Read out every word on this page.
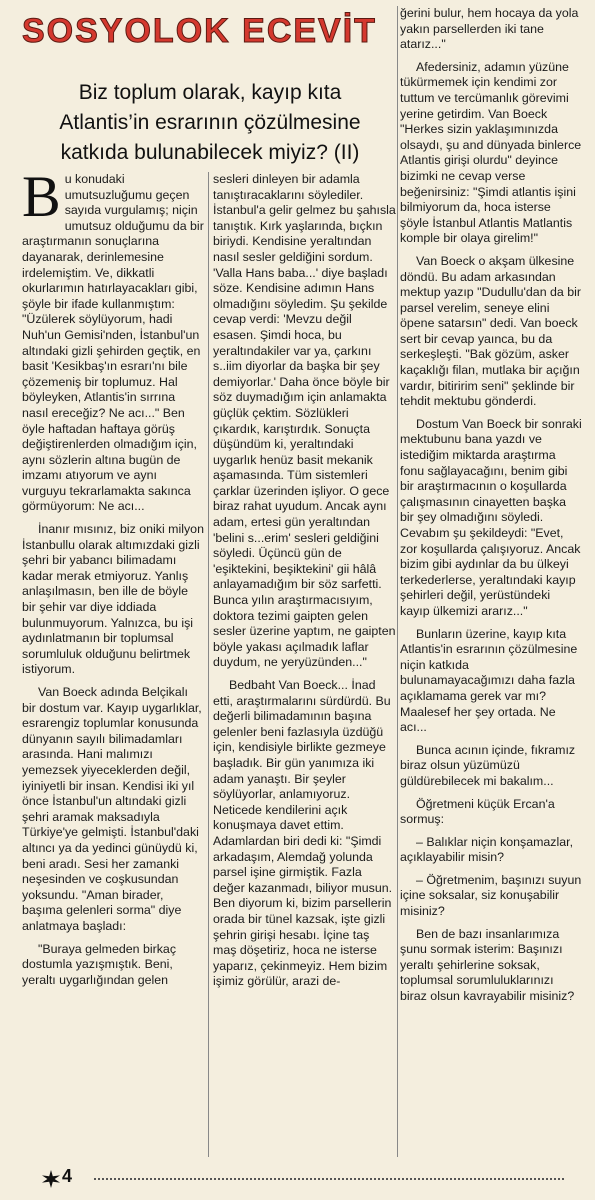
SOSYOLOK ECEVİT
Biz toplum olarak, kayıp kıta
Atlantis’in esrarının çözülmesine
katkıda bulunabilecek miyiz? (II)

Bu konudaki umutsuzluğumu geçen sayıda vurgulamış; niçin umutsuz olduğumu da bir araştırmanın sonuçlarına dayanarak, derinlemesine irdelemiştim. Ve, dikkatli okurlarımın hatırlayacakları gibi, şöyle bir ifade kullanmıştım: "Üzülerek söylüyorum, hadi Nuh'un Gemisi'nden, İstanbul'un altındaki gizli şehirden geçtik, en basit 'Kesikbaş'ın esrarı'nı bile çözemeniş bir toplumuz. Hal böyleyken, Atlantis'in sırrına nasıl ereceğiz? Ne acı..." Ben öyle haftadan haftaya görüş değiştirenlerden olmadığım için, aynı sözlerin altına bugün de imzamı atıyorum ve aynı vurguyu tekrarlamakta sakınca görmüyorum: Ne acı...

İnanır mısınız, biz oniki milyon İstanbullu olarak altımızdaki gizli şehri bir yabancı bilimadamı kadar merak etmiyoruz. Yanlış anlaşılmasın, ben ille de böyle bir şehir var diye iddiada bulunmuyorum. Yalnızca, bu işi aydınlatmanın bir toplumsal sorumluluk olduğunu belirtmek istiyorum.

Van Boeck adında Belçikalı bir dostum var. Kayıp uygarlıklar, esrarengiz toplumlar konusunda dünyanın sayılı bilimadamları arasında. Hani malımızı yemezsek yiyeceklerden değil, iyiniyetli bir insan. Kendisi iki yıl önce İstanbul'un altındaki gizli şehri aramak maksadıyla Türkiye'ye gelmişti. İstanbul'daki altıncı ya da yedinci günüydü ki, beni aradı. Sesi her zamanki neşesinden ve coşkusundan yoksundu. "Aman birader, başıma gelenleri sorma" diye anlatmaya başladı:

"Buraya gelmeden birkaç dostumla yazışmıştık. Beni, yeraltı uygarlığından gelen

sesleri dinleyen bir adamla tanıştıracaklarını söylediler. İstanbul'a gelir gelmez bu şahısla tanıştık. Kırk yaşlarında, bıçkın biriydi. Kendisine yeraltından nasıl sesler geldiğini sordum. 'Valla Hans baba...' diye başladı söze. Kendisine adımın Hans olmadığını söyledim. Şu şekilde cevap verdi: 'Mevzu değil esasen. Şimdi hoca, bu yeraltındakiler var ya, çarkını s..iim diyorlar da başka bir şey demiyorlar.' Daha önce böyle bir söz duymadığım için anlamakta güçlük çektim. Sözlükleri çıkardık, karıştırdık. Sonuçta düşündüm ki, yeraltındaki uygarlık henüz basit mekanik aşamasında. Tüm sistemleri çarklar üzerinden işliyor. O gece biraz rahat uyudum. Ancak aynı adam, ertesi gün yeraltından 'belini s...erim' sesleri geldiğini söyledi. Üçüncü gün de 'eşiktekini, beşiktekini' gii hâlâ anlayamadığım bir söz sarfetti. Bunca yılın araştırmacısıyım, doktora tezimi gaipten gelen sesler üzerine yaptım, ne gaipten böyle yakası açılmadık laflar duydum, ne yeryüzünden..."

Bedbaht Van Boeck... İnad etti, araştırmalarını sürdürdü. Bu değerli bilimadamının başına gelenler beni fazlasıyla üzdüğü için, kendisiyle birlikte gezmeye başladık. Bir gün yanımıza iki adam yanaştı. Bir şeyler söylüyorlar, anlamıyoruz. Neticede kendilerini açık konuşmaya davet ettim. Adamlardan biri dedi ki: "Şimdi arkadaşım, Alemdağ yolunda parsel işine girmiştik. Fazla değer kazanmadı, biliyor musun. Ben diyorum ki, bizim parsellerin orada bir tünel kazsak, işte gizli şehrin girişi hesabı. İçine taş maş döşetiriz, hoca ne isterse yaparız, çekinmeyiz. Hem bizim işimiz görülür, arazi de-

ğerini bulur, hem hocaya da yola yakın parsellerden iki tane atarız..."

Afedersiniz, adamın yüzüne tükürmemek için kendimi zor tuttum ve tercümanlık görevimi yerine getirdim. Van Boeck "Herkes sizin yaklaşımınızda olsaydı, şu and dünyada binlerce Atlantis girişi olurdu" deyince bizimki ne cevap verse beğenirsiniz: "Şimdi atlantis işini bilmiyorum da, hoca isterse şöyle İstanbul Atlantis Matlantis komple bir olaya girelim!"

Van Boeck o akşam ülkesine döndü. Bu adam arkasından mektup yazıp "Dudullu'dan da bir parsel verelim, seneye elini öpene satarsın" dedi. Van boeck sert bir cevap yaınca, bu da serkeşleşti. "Bak gözüm, asker kaçaklığı filan, mutlaka bir açığın vardır, bitiririm seni" şeklinde bir tehdit mektubu gönderdi.

Dostum Van Boeck bir sonraki mektubunu bana yazdı ve istediğim miktarda araştırma fonu sağlayacağını, benim gibi bir araştırmacının o koşullarda çalışmasının cinayetten başka bir şey olmadığını söyledi. Cevabım şu şekildeydi: "Evet, zor koşullarda çalışıyoruz. Ancak bizim gibi aydınlar da bu ülkeyi terkederlerse, yeraltındaki kayıp şehirleri değil, yerüstündeki kayıp ülkemizi ararız..."

Bunların üzerine, kayıp kıta Atlantis'in esrarının çözülmesine niçin katkıda bulunamayacağımızı daha fazla açıklamama gerek var mı? Maalesef her şey ortada. Ne acı...

Bunca acının içinde, fıkramız biraz olsun yüzümüzü güldürebilecek mi bakalım...

Öğretmeni küçük Ercan'a sormuş:

– Balıklar niçin konşamazlar, açıklayabilir misin?

– Öğretmenim, başınızı suyun içine soksalar, siz konuşabilir misiniz?

Ben de bazı insanlarımıza şunu sormak isterim: Başınızı yeraltı şehirlerine soksak, toplumsal sorumluluklarınızı biraz olsun kavrayabilir misiniz?

4
